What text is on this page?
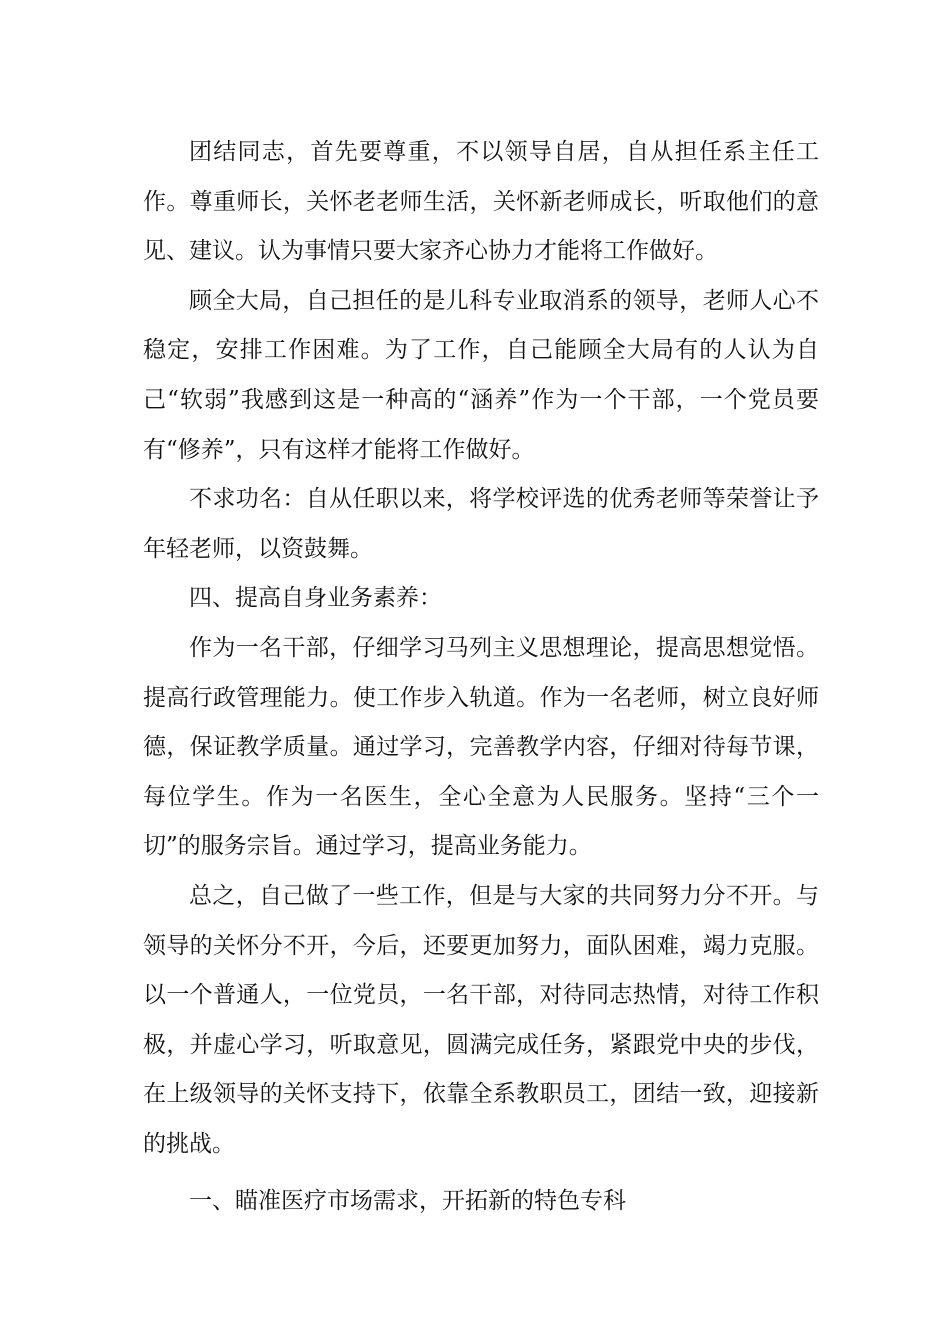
团结同志，首先要尊重，不以领导自居，自从担任系主任工作。尊重师长，关怀老老师生活，关怀新老师成长，听取他们的意见、建议。认为事情只要大家齐心协力才能将工作做好。

顾全大局，自己担任的是儿科专业取消系的领导，老师人心不稳定，安排工作困难。为了工作，自己能顾全大局有的人认为自己“软弱”我感到这是一种高的“涵养”作为一个干部，一个党员要有“修养”，只有这样才能将工作做好。

不求功名：自从任职以来，将学校评选的优秀老师等荣誉让予年轻老师，以资鼓舞。

四、提高自身业务素养：

作为一名干部，仔细学习马列主义思想理论，提高思想觉悟。提高行政管理能力。使工作步入轨道。作为一名老师，树立良好师德，保证教学质量。通过学习，完善教学内容，仔细对待每节课，每位学生。作为一名医生，全心全意为人民服务。坚持“三个一切”的服务宗旨。通过学习，提高业务能力。

总之，自己做了一些工作，但是与大家的共同努力分不开。与领导的关怀分不开，今后，还要更加努力，面队困难，竭力克服。以一个普通人，一位党员，一名干部，对待同志热情，对待工作积极，并虚心学习，听取意见，圆满完成任务，紧跟党中央的步伐，在上级领导的关怀支持下，依靠全系教职员工，团结一致，迎接新的挑战。

一、瞄准医疗市场需求，开拓新的特色专科
